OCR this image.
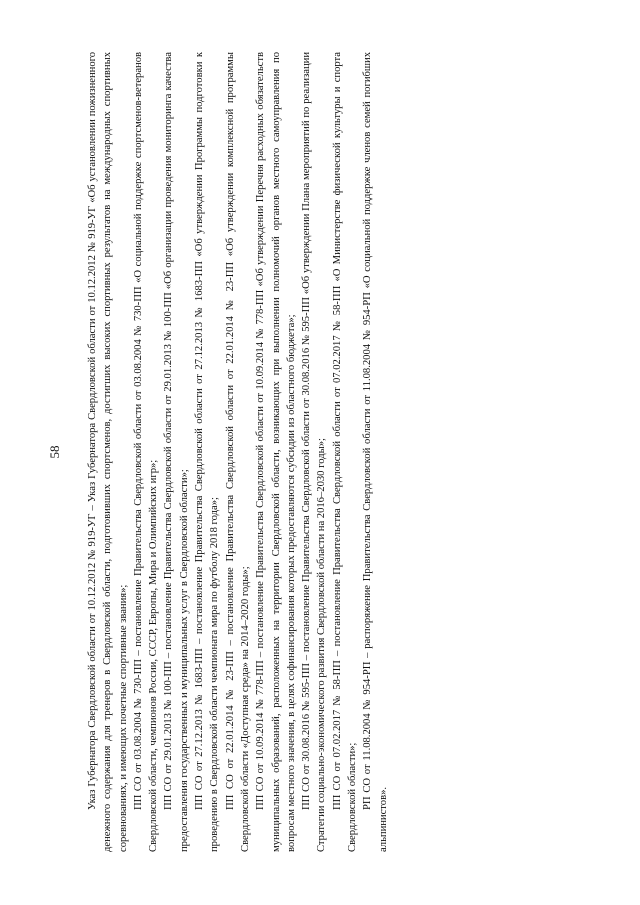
58 Указ Губернатора Свердловской области от 10.12.2012 № 919-УГ – Указ Губернатора Свердловской области от 10.12.2012 № 919-УГ «Об установлении пожизненного денежного содержания для тренеров в Свердловской области, подготовивших спортсменов, достигших высоких спортивных результатов на международных спортивных соревнованиях, и имеющих почетные спортивные звания»; ПП СО от 03.08.2004 № 730-ПП – постановление Правительства Свердловской области от 03.08.2004 № 730-ПП «О социальной поддержке спортсменов-ветеранов Свердловской области, чемпионов России, СССР, Европы, Мира и Олимпийских игр»; ПП СО от 29.01.2013 № 100-ПП – постановление Правительства Свердловской области от 29.01.2013 № 100-ПП «Об организации проведения мониторинга качества предоставления государственных и муниципальных услуг в Свердловской области»; ПП СО от 27.12.2013 № 1683-ПП – постановление Правительства Свердловской области от 27.12.2013 № 1683-ПП «Об утверждении Программы подготовки к проведению в Свердловской области чемпионата мира по футболу 2018 года»; ПП СО от 22.01.2014 № 23-ПП – постановление Правительства Свердловской области от 22.01.2014 № 23-ПП «Об утверждении комплексной программы Свердловской области «Доступная среда» на 2014–2020 годы»; ПП СО от 10.09.2014 № 778-ПП – постановление Правительства Свердловской области от 10.09.2014 № 778-ПП «Об утверждении Перечня расходных обязательств муниципальных образований, расположенных на территории Свердловской области, возникающих при выполнении полномочий органов местного самоуправления по вопросам местного значения, в целях софинансирования которых предоставляются субсидии из областного бюджета»; ПП СО от 30.08.2016 № 595-ПП – постановление Правительства Свердловской области от 30.08.2016 № 595-ПП «Об утверждении Плана мероприятий по реализации Стратегии социально-экономического развития Свердловской области на 2016–2030 годы»; ПП СО от 07.02.2017 № 58-ПП – постановление Правительства Свердловской области от 07.02.2017 № 58-ПП «О Министерстве физической культуры и спорта Свердловской области»; РП СО от 11.08.2004 № 954-РП – распоряжение Правительства Свердловской области от 11.08.2004 № 954-РП «О социальной поддержке членов семей погибших альпинистов».
